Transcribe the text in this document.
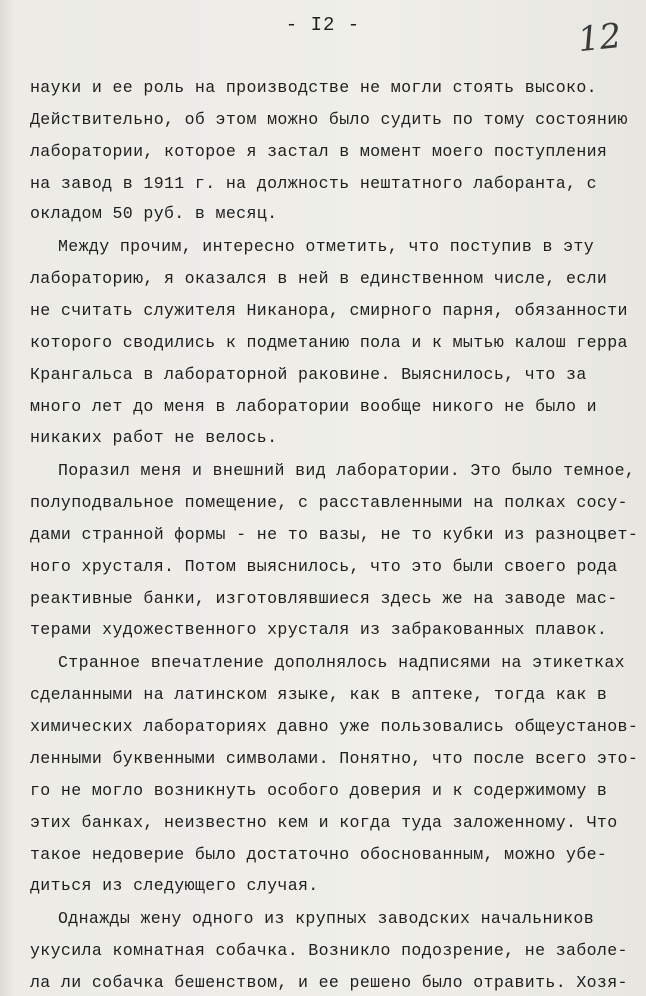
- I2 -	12
науки и ее роль на производстве не могли стоять высоко.
Действительно, об этом можно было судить по тому состоянию
лаборатории, которое я застал в момент моего поступления
на завод в 1911 г. на должность нештатного лаборанта, с
окладом 50 руб. в месяц.
Между прочим, интересно отметить, что поступив в эту
лабораторию, я оказался в ней в единственном числе, если
не считать служителя Никанора, смирного парня, обязанности
которого сводились к подметанию пола и к мытью калош герра
Крангальса в лабораторной раковине. Выяснилось, что за
много лет до меня в лаборатории вообще никого не было и
никаких работ не велось.
Поразил меня и внешний вид лаборатории. Это было темное,
полуподвальное помещение, с расставленными на полках сосу-
дами странной формы - не то вазы, не то кубки из разноцвет-
ного хрусталя. Потом выяснилось, что это были своего рода
реактивные банки, изготовлявшиеся здесь же на заводе мас-
терами художественного хрусталя из забракованных плавок.
Странное впечатление дополнялось надписями на этикетках
сделанными на латинском языке, как в аптеке, тогда как в
химических лабораториях давно уже пользовались общеустанов-
ленными буквенными символами. Понятно, что после всего это-
го не могло возникнуть особого доверия и к содержимому в
этих банках, неизвестно кем и когда туда заложенному. Что
такое недоверие было достаточно обоснованным, можно убе-
диться из следующего случая.
Однажды жену одного из крупных заводских начальников
укусила комнатная собачка. Возникло подозрение, не заболе-
ла ли собачка бешенством, и ее решено было отравить. Хозя-
